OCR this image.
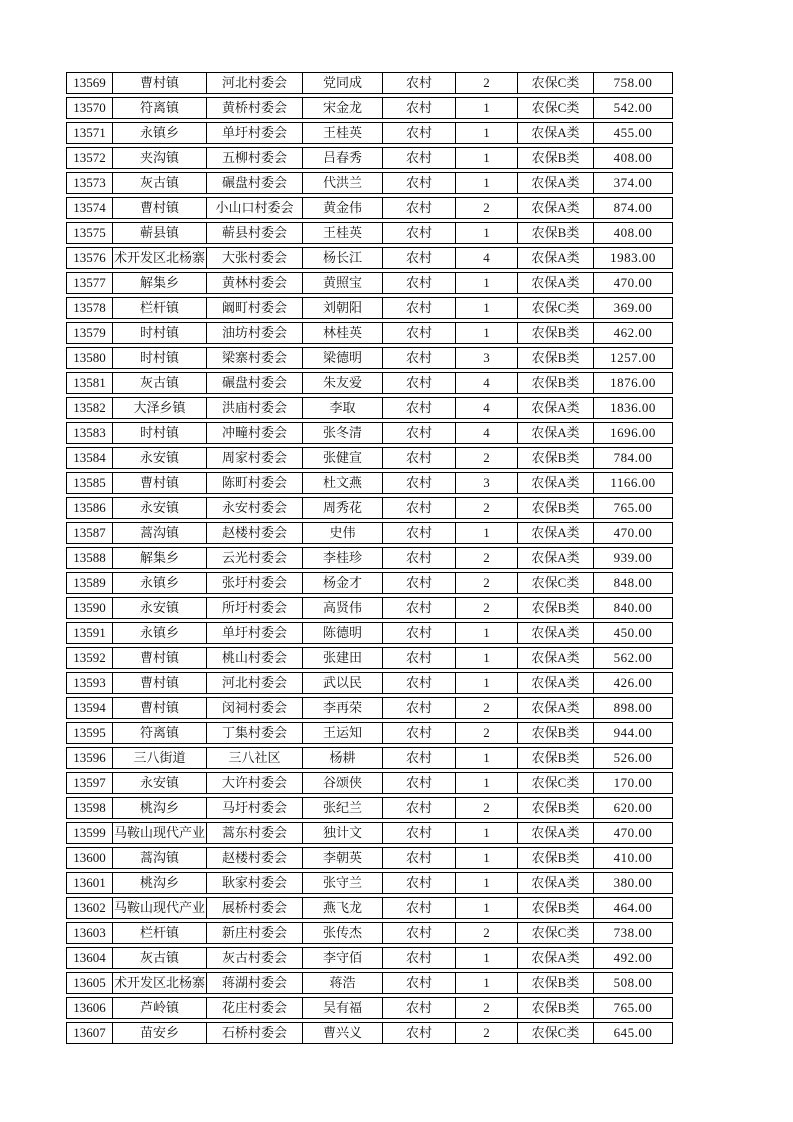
13569	曹村镇	河北村委会	党同成	农村	2	农保C类	758.00
13570	符离镇	黄桥村委会	宋金龙	农村	1	农保C类	542.00
13571	永镇乡	单圩村委会	王桂英	农村	1	农保A类	455.00
13572	夹沟镇	五柳村委会	吕春秀	农村	1	农保B类	408.00
13573	灰古镇	碾盘村委会	代洪兰	农村	1	农保A类	374.00
13574	曹村镇	小山口村委会	黄金伟	农村	2	农保A类	874.00
13575	蕲县镇	蕲县村委会	王桂英	农村	1	农保B类	408.00
13576 术开发区北杨寨	大张村委会	杨长江	农村	4	农保A类	1983.00
13577	解集乡	黄林村委会	黄照宝	农村	1	农保A类	470.00
13578	栏杆镇	阚町村委会	刘朝阳	农村	1	农保C类	369.00
13579	时村镇	油坊村委会	林桂英	农村	1	农保B类	462.00
13580	时村镇	梁寨村委会	梁德明	农村	3	农保B类	1257.00
13581	灰古镇	碾盘村委会	朱友爱	农村	4	农保B类	1876.00
13582	大泽乡镇	洪庙村委会	李取	农村	4	农保A类	1836.00
13583	时村镇	冲疃村委会	张冬清	农村	4	农保A类	1696.00
13584	永安镇	周家村委会	张健宣	农村	2	农保B类	784.00
13585	曹村镇	陈町村委会	杜文燕	农村	3	农保A类	1166.00
13586	永安镇	永安村委会	周秀花	农村	2	农保B类	765.00
13587	蒿沟镇	赵楼村委会	史伟	农村	1	农保A类	470.00
13588	解集乡	云光村委会	李桂珍	农村	2	农保A类	939.00
13589	永镇乡	张圩村委会	杨金才	农村	2	农保C类	848.00
13590	永安镇	所圩村委会	高贤伟	农村	2	农保B类	840.00
13591	永镇乡	单圩村委会	陈德明	农村	1	农保A类	450.00
13592	曹村镇	桃山村委会	张建田	农村	1	农保A类	562.00
13593	曹村镇	河北村委会	武以民	农村	1	农保A类	426.00
13594	曹村镇	闵祠村委会	李再荣	农村	2	农保A类	898.00
13595	符离镇	丁集村委会	王运知	农村	2	农保B类	944.00
13596	三八街道	三八社区	杨耕	农村	1	农保B类	526.00
13597	永安镇	大许村委会	谷颂侠	农村	1	农保C类	170.00
13598	桃沟乡	马圩村委会	张纪兰	农村	2	农保B类	620.00
13599 马鞍山现代产业	蒿东村委会	独计文	农村	1	农保A类	470.00
13600	蒿沟镇	赵楼村委会	李朝英	农村	1	农保B类	410.00
13601	桃沟乡	耿家村委会	张守兰	农村	1	农保A类	380.00
13602 马鞍山现代产业	展桥村委会	燕飞龙	农村	1	农保B类	464.00
13603	栏杆镇	新庄村委会	张传杰	农村	2	农保C类	738.00
13604	灰古镇	灰古村委会	李守佰	农村	1	农保A类	492.00
13605 术开发区北杨寨	蒋湖村委会	蒋浩	农村	1	农保B类	508.00
13606	芦岭镇	花庄村委会	吴有福	农村	2	农保B类	765.00
13607	苗安乡	石桥村委会	曹兴义	农村	2	农保C类	645.00
